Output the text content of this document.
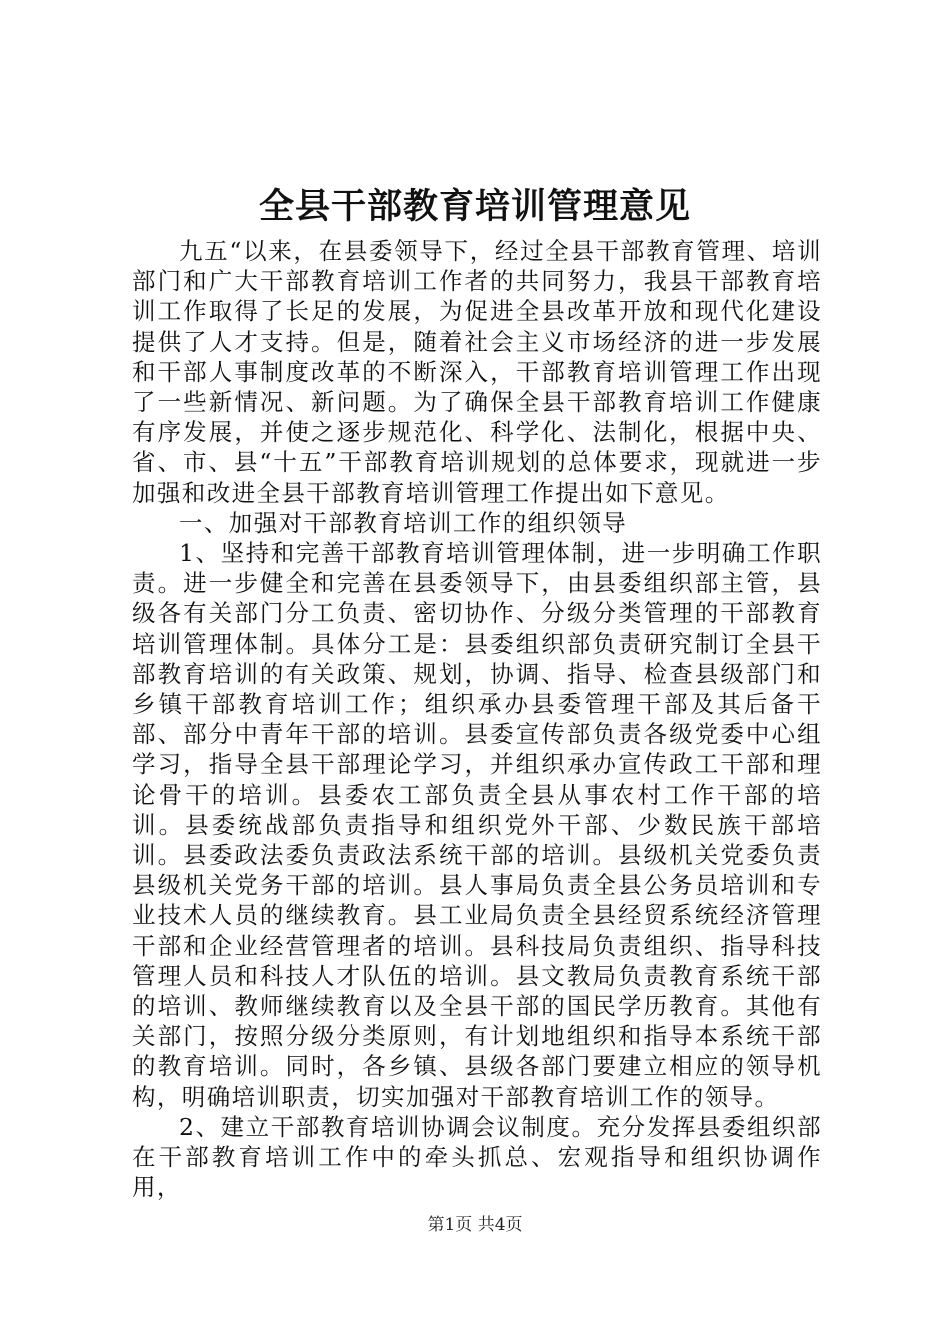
全县干部教育培训管理意见

九五“以来，在县委领导下，经过全县干部教育管理、培训部门和广大干部教育培训工作者的共同努力，我县干部教育培训工作取得了长足的发展，为促进全县改革开放和现代化建设提供了人才支持。但是，随着社会主义市场经济的进一步发展和干部人事制度改革的不断深入，干部教育培训管理工作出现了一些新情况、新问题。为了确保全县干部教育培训工作健康有序发展，并使之逐步规范化、科学化、法制化，根据中央、省、市、县“十五”干部教育培训规划的总体要求，现就进一步加强和改进全县干部教育培训管理工作提出如下意见。

一、加强对干部教育培训工作的组织领导

1、坚持和完善干部教育培训管理体制，进一步明确工作职责。进一步健全和完善在县委领导下，由县委组织部主管，县级各有关部门分工负责、密切协作、分级分类管理的干部教育培训管理体制。具体分工是：县委组织部负责研究制订全县干部教育培训的有关政策、规划，协调、指导、检查县级部门和乡镇干部教育培训工作；组织承办县委管理干部及其后备干部、部分中青年干部的培训。县委宣传部负责各级党委中心组学习，指导全县干部理论学习，并组织承办宣传政工干部和理论骨干的培训。县委农工部负责全县从事农村工作干部的培训。县委统战部负责指导和组织党外干部、少数民族干部培训。县委政法委负责政法系统干部的培训。县级机关党委负责县级机关党务干部的培训。县人事局负责全县公务员培训和专业技术人员的继续教育。县工业局负责全县经贸系统经济管理干部和企业经营管理者的培训。县科技局负责组织、指导科技管理人员和科技人才队伍的培训。县文教局负责教育系统干部的培训、教师继续教育以及全县干部的国民学历教育。其他有关部门，按照分级分类原则，有计划地组织和指导本系统干部的教育培训。同时，各乡镇、县级各部门要建立相应的领导机构，明确培训职责，切实加强对干部教育培训工作的领导。

2、建立干部教育培训协调会议制度。充分发挥县委组织部在干部教育培训工作中的牵头抓总、宏观指导和组织协调作用，

第1页 共4页
